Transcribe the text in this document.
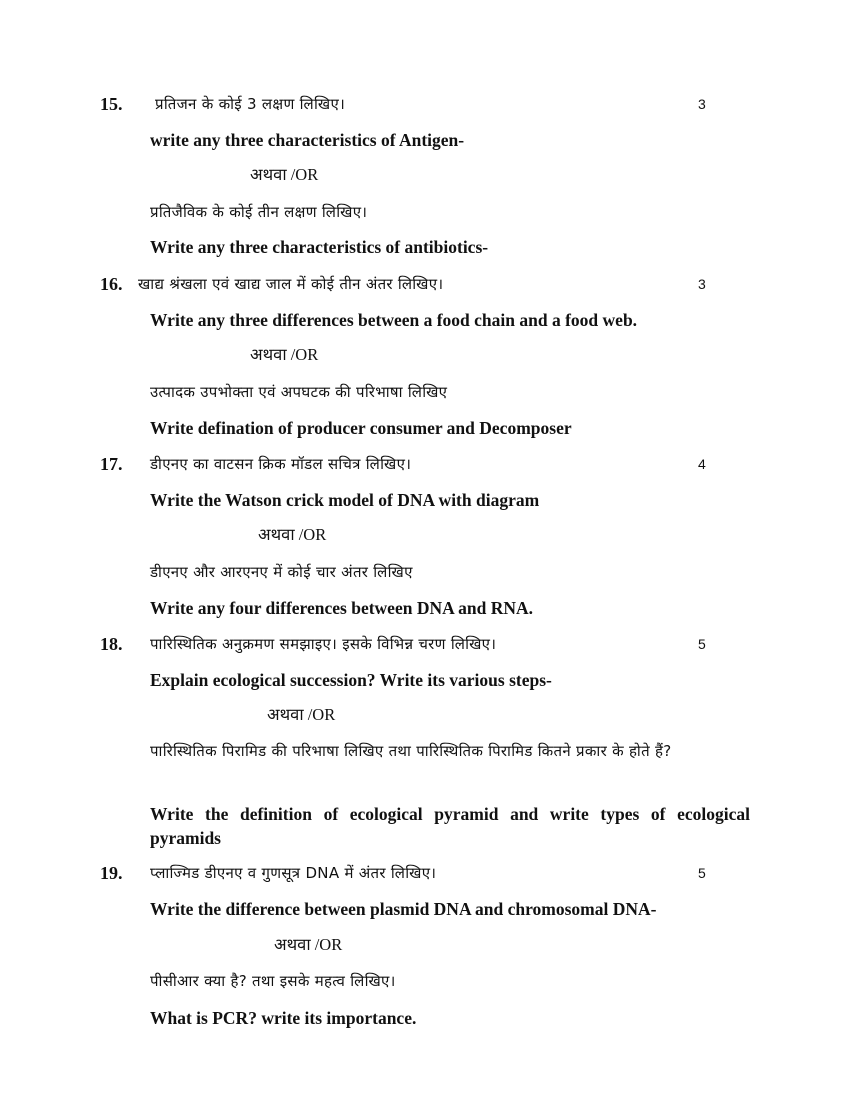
15.	3
प्रतिजन के कोई 3 लक्षण लिखिए।
write any three characteristics of Antigen-
अथवा /OR
प्रतिजैविक के कोई तीन लक्षण लिखिए।
Write any three characteristics of antibiotics-
16.	3
खाद्य श्रंखला एवं खाद्य जाल में कोई तीन अंतर लिखिए।
Write any three differences between a food chain and a food web.
अथवा /OR
उत्पादक उपभोक्ता एवं अपघटक की परिभाषा लिखिए
Write defination of producer consumer and Decomposer
17.	4
डीएनए का वाटसन क्रिक मॉडल सचित्र लिखिए।
Write the Watson crick model of DNA with diagram
अथवा /OR
डीएनए और आरएनए में कोई चार अंतर लिखिए
Write any four differences between DNA and RNA.
18.	5
पारिस्थितिक अनुक्रमण समझाइए। इसके विभिन्न चरण लिखिए।
Explain ecological succession? Write its various steps-
अथवा /OR
पारिस्थितिक पिरामिड की परिभाषा लिखिए तथा पारिस्थितिक पिरामिड कितने प्रकार के होते हैं?
Write the definition of ecological pyramid and write types of ecological pyramids
19.	5
प्लाज्मिड डीएनए व गुणसूत्र DNA में अंतर लिखिए।
Write the difference between plasmid DNA and chromosomal DNA-
अथवा /OR
पीसीआर क्या है? तथा इसके महत्व लिखिए।
What is PCR? write its importance.
